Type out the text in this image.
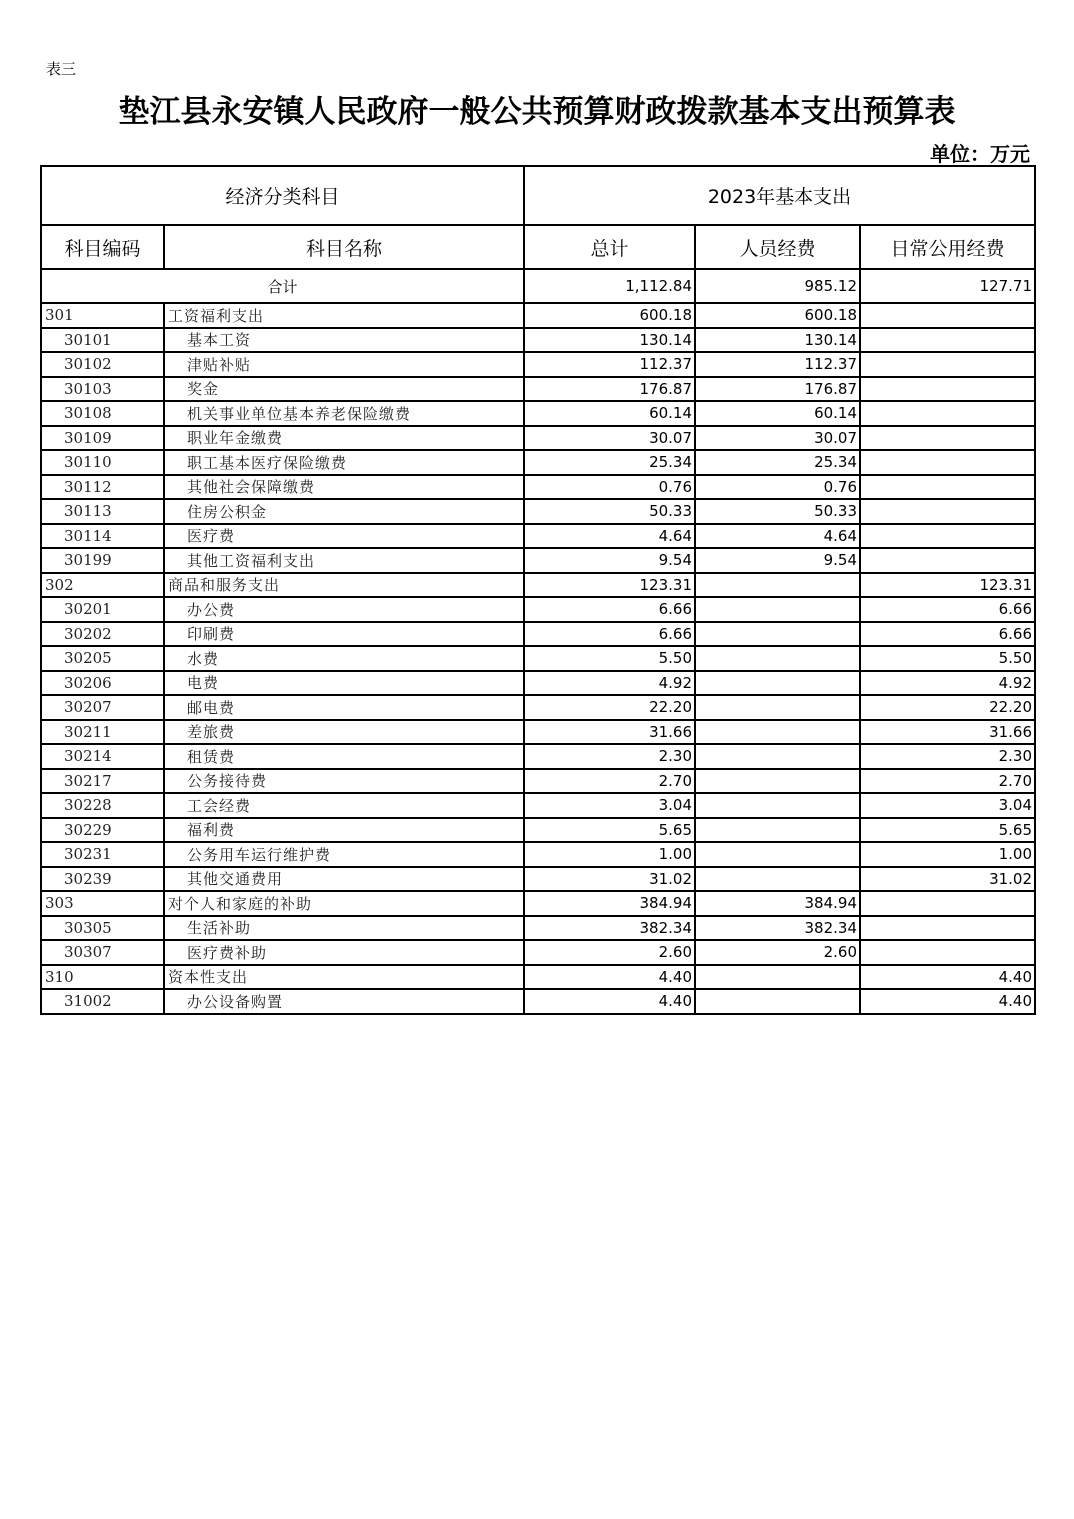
表三
垫江县永安镇人民政府一般公共预算财政拨款基本支出预算表
单位：万元
经济分类科目		2023年基本支出		
科目编码	科目名称	总计	人员经费	日常公用经费
合计		1,112.84	985.12	127.71
301	工资福利支出	600.18	600.18	
30101	基本工资	130.14	130.14	
30102	津贴补贴	112.37	112.37	
30103	奖金	176.87	176.87	
30108	机关事业单位基本养老保险缴费	60.14	60.14	
30109	职业年金缴费	30.07	30.07	
30110	职工基本医疗保险缴费	25.34	25.34	
30112	其他社会保障缴费	0.76	0.76	
30113	住房公积金	50.33	50.33	
30114	医疗费	4.64	4.64	
30199	其他工资福利支出	9.54	9.54	
302	商品和服务支出	123.31		123.31
30201	办公费	6.66		6.66
30202	印刷费	6.66		6.66
30205	水费	5.50		5.50
30206	电费	4.92		4.92
30207	邮电费	22.20		22.20
30211	差旅费	31.66		31.66
30214	租赁费	2.30		2.30
30217	公务接待费	2.70		2.70
30228	工会经费	3.04		3.04
30229	福利费	5.65		5.65
30231	公务用车运行维护费	1.00		1.00
30239	其他交通费用	31.02		31.02
303	对个人和家庭的补助	384.94	384.94	
30305	生活补助	382.34	382.34	
30307	医疗费补助	2.60	2.60	
310	资本性支出	4.40		4.40
31002	办公设备购置	4.40		4.40
